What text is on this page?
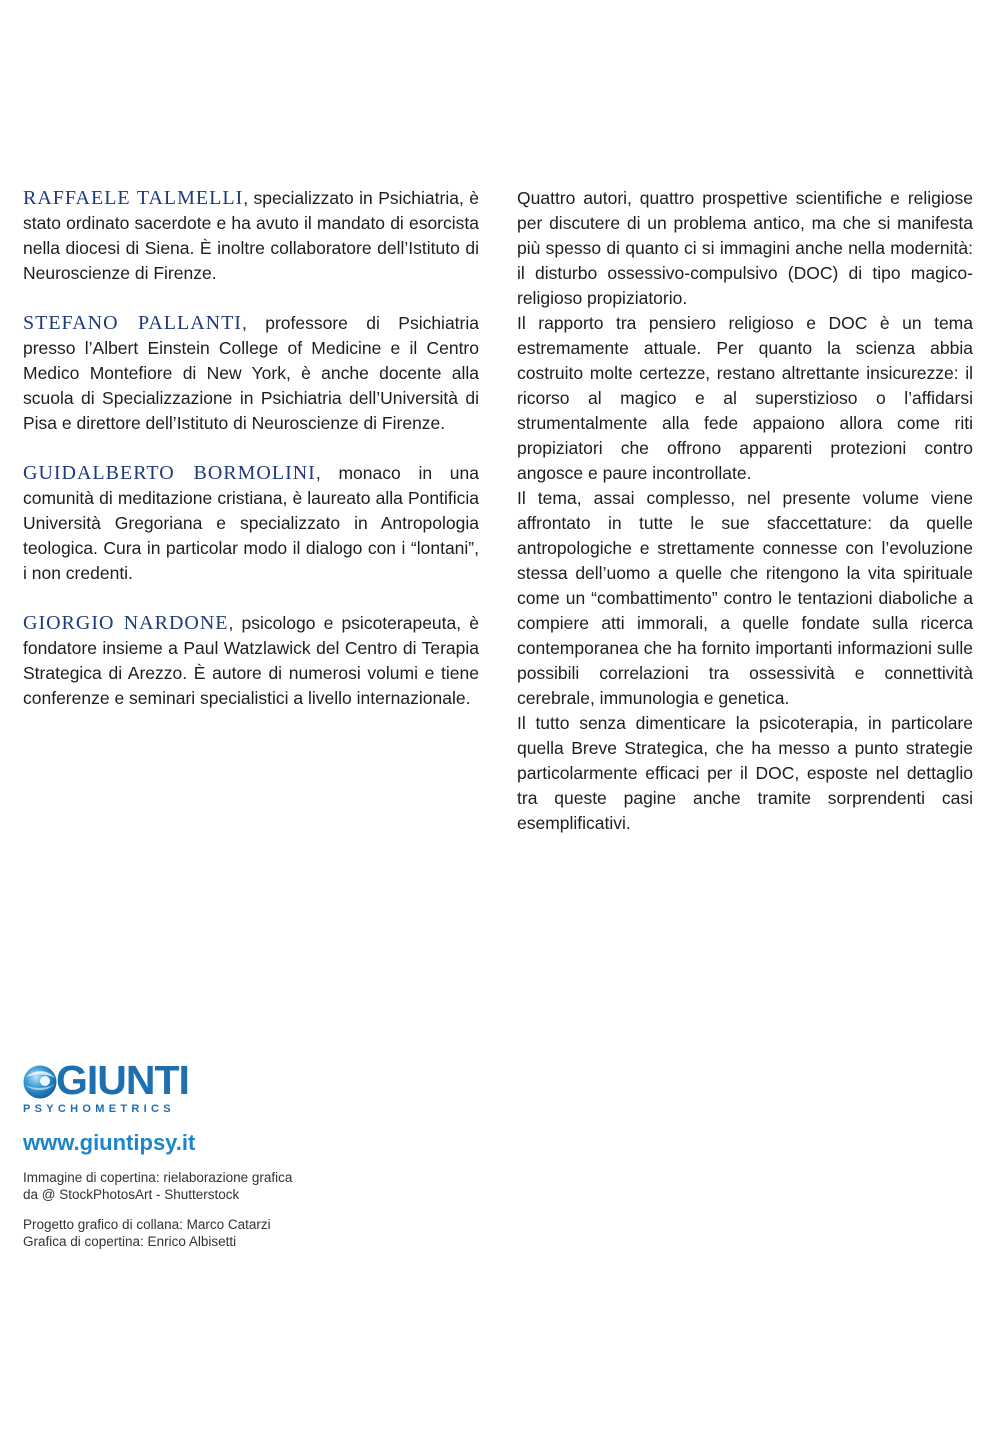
RAFFAELE TALMELLI, specializzato in Psichiatria, è stato ordinato sacerdote e ha avuto il mandato di esorcista nella diocesi di Siena. È inoltre collaboratore dell’Istituto di Neuroscienze di Firenze.

STEFANO PALLANTI, professore di Psichiatria presso l’Albert Einstein College of Medicine e il Centro Medico Montefiore di New York, è anche docente alla scuola di Specializzazione in Psichiatria dell’Università di Pisa e direttore dell’Istituto di Neuroscienze di Firenze.

GUIDALBERTO BORMOLINI, monaco in una comunità di meditazione cristiana, è laureato alla Pontificia Università Gregoriana e specializzato in Antropologia teologica. Cura in particolar modo il dialogo con i “lontani”, i non credenti.

GIORGIO NARDONE, psicologo e psicoterapeuta, è fondatore insieme a Paul Watzlawick del Centro di Terapia Strategica di Arezzo. È autore di numerosi volumi e tiene conferenze e seminari specialistici a livello internazionale.

Quattro autori, quattro prospettive scientifiche e religiose per discutere di un problema antico, ma che si manifesta più spesso di quanto ci si immagini anche nella modernità: il disturbo ossessivo-compulsivo (DOC) di tipo magico-religioso propiziatorio.

Il rapporto tra pensiero religioso e DOC è un tema estremamente attuale. Per quanto la scienza abbia costruito molte certezze, restano altrettante insicurezze: il ricorso al magico e al superstizioso o l’affidarsi strumentalmente alla fede appaiono allora come riti propiziatori che offrono apparenti protezioni contro angosce e paure incontrollate.

Il tema, assai complesso, nel presente volume viene affrontato in tutte le sue sfaccettature: da quelle antropologiche e strettamente connesse con l’evoluzione stessa dell’uomo a quelle che ritengono la vita spirituale come un “combattimento” contro le tentazioni diaboliche a compiere atti immorali, a quelle fondate sulla ricerca contemporanea che ha fornito importanti informazioni sulle possibili correlazioni tra ossessività e connettività cerebrale, immunologia e genetica.

Il tutto senza dimenticare la psicoterapia, in particolare quella Breve Strategica, che ha messo a punto strategie particolarmente efficaci per il DOC, esposte nel dettaglio tra queste pagine anche tramite sorprendenti casi esemplificativi.

GIUNTI
PSYCHOMETRICS
www.giuntipsy.it
Immagine di copertina: rielaborazione grafica
da @ StockPhotosArt - Shutterstock
Progetto grafico di collana: Marco Catarzi
Grafica di copertina: Enrico Albisetti
